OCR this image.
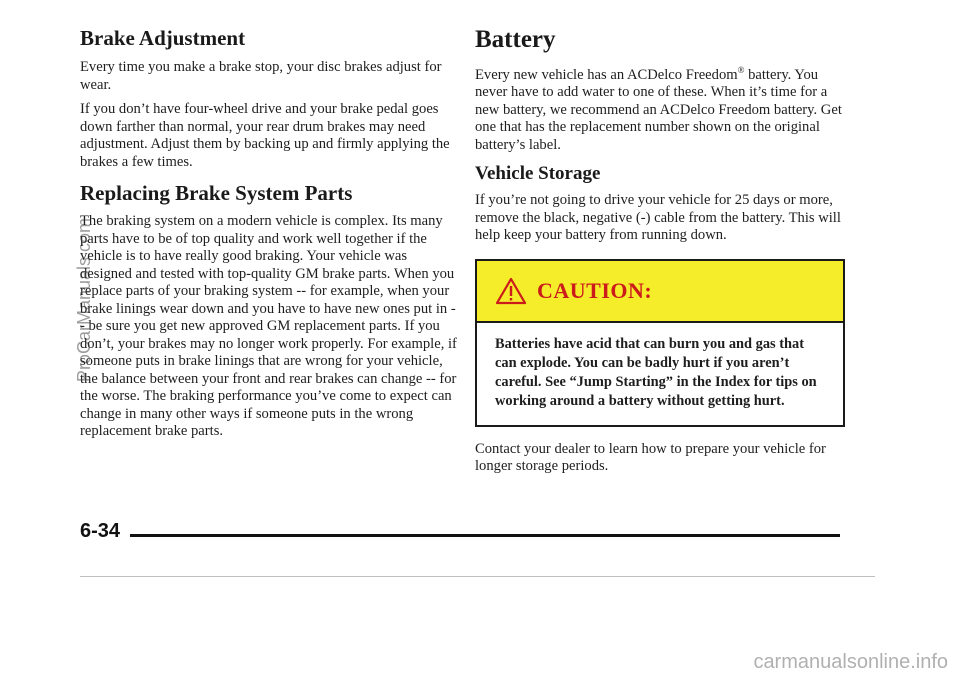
Brake Adjustment

Every time you make a brake stop, your disc brakes adjust for wear.

If you don’t have four-wheel drive and your brake pedal goes down farther than normal, your rear drum brakes may need adjustment. Adjust them by backing up and firmly applying the brakes a few times.

Replacing Brake System Parts

The braking system on a modern vehicle is complex. Its many parts have to be of top quality and work well together if the vehicle is to have really good braking. Your vehicle was designed and tested with top-quality GM brake parts. When you replace parts of your braking system -- for example, when your brake linings wear down and you have to have new ones put in -- be sure you get new approved GM replacement parts. If you don’t, your brakes may no longer work properly. For example, if someone puts in brake linings that are wrong for your vehicle, the balance between your front and rear brakes can change -- for the worse. The braking performance you’ve come to expect can change in many other ways if someone puts in the wrong replacement brake parts.

Battery

Every new vehicle has an ACDelco Freedom® battery. You never have to add water to one of these. When it’s time for a new battery, we recommend an ACDelco Freedom battery. Get one that has the replacement number shown on the original battery’s label.

Vehicle Storage

If you’re not going to drive your vehicle for 25 days or more, remove the black, negative (-) cable from the battery. This will help keep your battery from running down.

CAUTION:
Batteries have acid that can burn you and gas that can explode. You can be badly hurt if you aren’t careful. See “Jump Starting” in the Index for tips on working around a battery without getting hurt.

Contact your dealer to learn how to prepare your vehicle for longer storage periods.

6-34
ProCarManuals.com
carmanualsonline.info
